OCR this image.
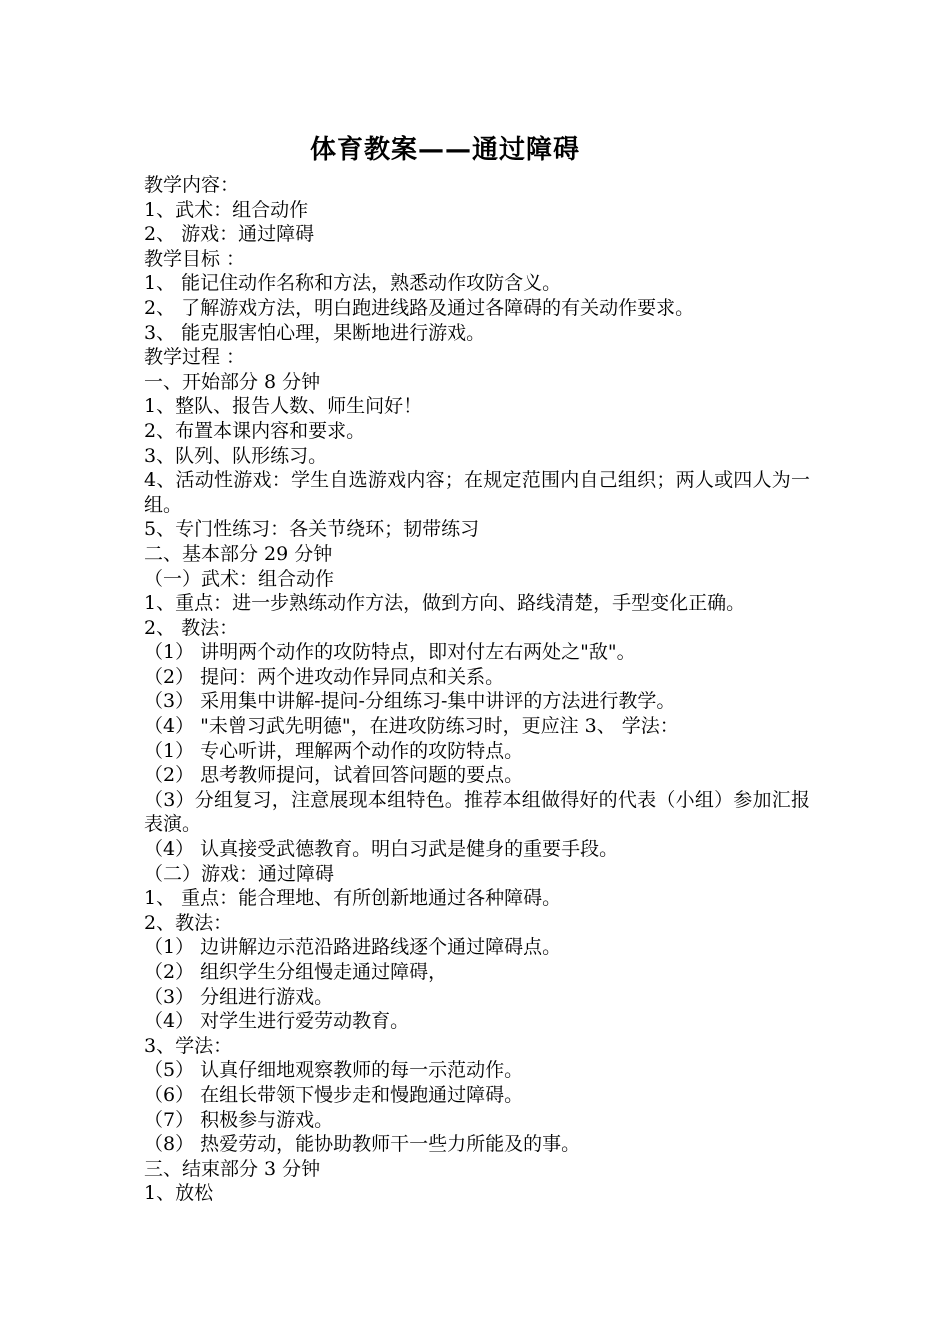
体育教案——通过障碍
教学内容：
1、武术：组合动作
2、 游戏：通过障碍
教学目标 ：
1、 能记住动作名称和方法，熟悉动作攻防含义。
2、 了解游戏方法，明白跑进线路及通过各障碍的有关动作要求。
3、 能克服害怕心理，果断地进行游戏。
教学过程 ：
一、开始部分 8 分钟
1、整队、报告人数、师生问好！
2、布置本课内容和要求。
3、队列、队形练习。
4、活动性游戏：学生自选游戏内容；在规定范围内自己组织；两人或四人为一组。
5、专门性练习：各关节绕环；韧带练习
二、基本部分 29 分钟
（一）武术：组合动作
1、重点：进一步熟练动作方法，做到方向、路线清楚，手型变化正确。
2、 教法：
（1） 讲明两个动作的攻防特点，即对付左右两处之"敌"。
（2） 提问：两个进攻动作异同点和关系。
（3） 采用集中讲解-提问-分组练习-集中讲评的方法进行教学。
（4） "未曾习武先明德"，在进攻防练习时，更应注 3、 学法：
（1） 专心听讲，理解两个动作的攻防特点。
（2） 思考教师提问，试着回答问题的要点。
（3）分组复习，注意展现本组特色。推荐本组做得好的代表（小组）参加汇报表演。
（4） 认真接受武德教育。明白习武是健身的重要手段。
（二）游戏：通过障碍
1、 重点：能合理地、有所创新地通过各种障碍。
2、教法：
（1） 边讲解边示范沿路进路线逐个通过障碍点。
（2） 组织学生分组慢走通过障碍，
（3） 分组进行游戏。
（4） 对学生进行爱劳动教育。
3、学法：
（5） 认真仔细地观察教师的每一示范动作。
（6） 在组长带领下慢步走和慢跑通过障碍。
（7） 积极参与游戏。
（8） 热爱劳动，能协助教师干一些力所能及的事。
三、结束部分 3 分钟
1、放松
